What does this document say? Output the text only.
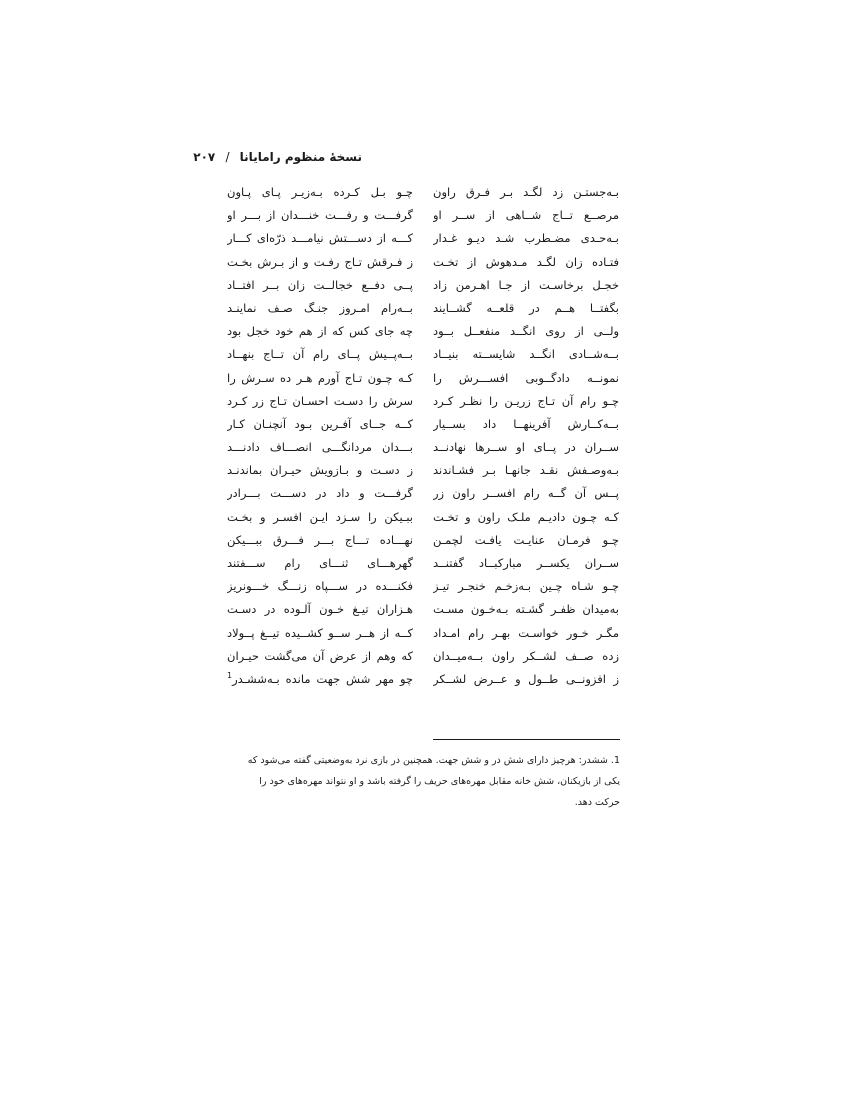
نسخهٔ منظوم رامایانا / ۲۰۷
بـه‌جستـن زد لگـد بـر فـرق راون
مرصــع تــاج شــاهی از ســر او
بـه‌حـدی مضـطرب شـد دیـو غـدار
فتـاده زان لگـد مـدهوش از تخـت
خجـل برخاسـت از جـا اهـرمن زاد
بگفتــا هــم در قلعــه گشــایند
ولــی از روی انگــد منفعــل بــود
بــه‌شــادی انگــد شایســته بنیــاد
نمونــه دادگــوبی افســـرش را
چـو رام آن تـاج زریـن را نظـر کـرد
بــه‌کــارش آفرینهــا داد بســیار
ســران در پــای او ســرها نهادنــد
بـه‌وصـفش نقـد جانهـا بـر فشـاندند
پــس آن گــه رام افســر راون زر
کـه چـون دادیـم ملـک راون و تخـت
چـو فرمـان عنایـت یافـت لچمـن
ســران یکســر مبارکبــاد گفتنــد
چـو شـاه چـین بـه‌زخـم خنجـر تیـز
به‌میدان ظفـر گشـته بـه‌خـون مسـت
مگـر خـور خواسـت بهـر رام امـداد
زده صــف لشــکر راون بــه‌میــدان
ز افزونــی طــول و عــرض لشــکر
چـو بـل کـرده بـه‌زیـر پـای پـاون
گرفـــت و رفـــت خنـــدان از بـــر او
کـــه از دســـتش نیامـــد ذرّه‌ای کـــار
ز فـرقش تـاج رفـت و از بـرش بخـت
پــی دفــع خجالــت زان بــر افتــاد
بــه‌رام امـروز جنـگ صـف نماینـد
چه جای کس که از هم خود خجل بود
بــه‌پــیش پــای رام آن تــاج بنهــاد
کـه چـون تـاج آورم هـر ده سـرش را
سرش را دسـت احسـان تـاج زر کـرد
کــه جــای آفـرین بـود آنچنـان کـار
بـــدان مردانگـــی انصـــاف دادنـــد
ز دسـت و بـازویش حیـران بماندنـد
گرفـــت و داد در دســـت بـــرادر
ببـیکن را سـزد ایـن افسـر و بخـت
نهـــاده تـــاج بـــر فـــرق ببـــیکن
گهرهـــای ثنـــای رام ســـفتند
فکنـــده در ســـپاه زنـــگ خـــونریز
هـزاران تیـغ خـون آلـوده در دسـت
کــه از هــر ســو کشــیده تیــغ پــولاد
که وهم از عرض آن می‌گشت حیـران
چو مهر شش جهت مانده بـه‌ششـدر$^1$
1. ششدر: هرچیز دارای شش در و شش جهت. همچنین در بازی نرد به‌وضعیتی گفته می‌شود که
یکی از بازیکنان، شش خانه مقابل مهره‌های حریف را گرفته باشد و او نتواند مهره‌های خود را
حرکت دهد.
